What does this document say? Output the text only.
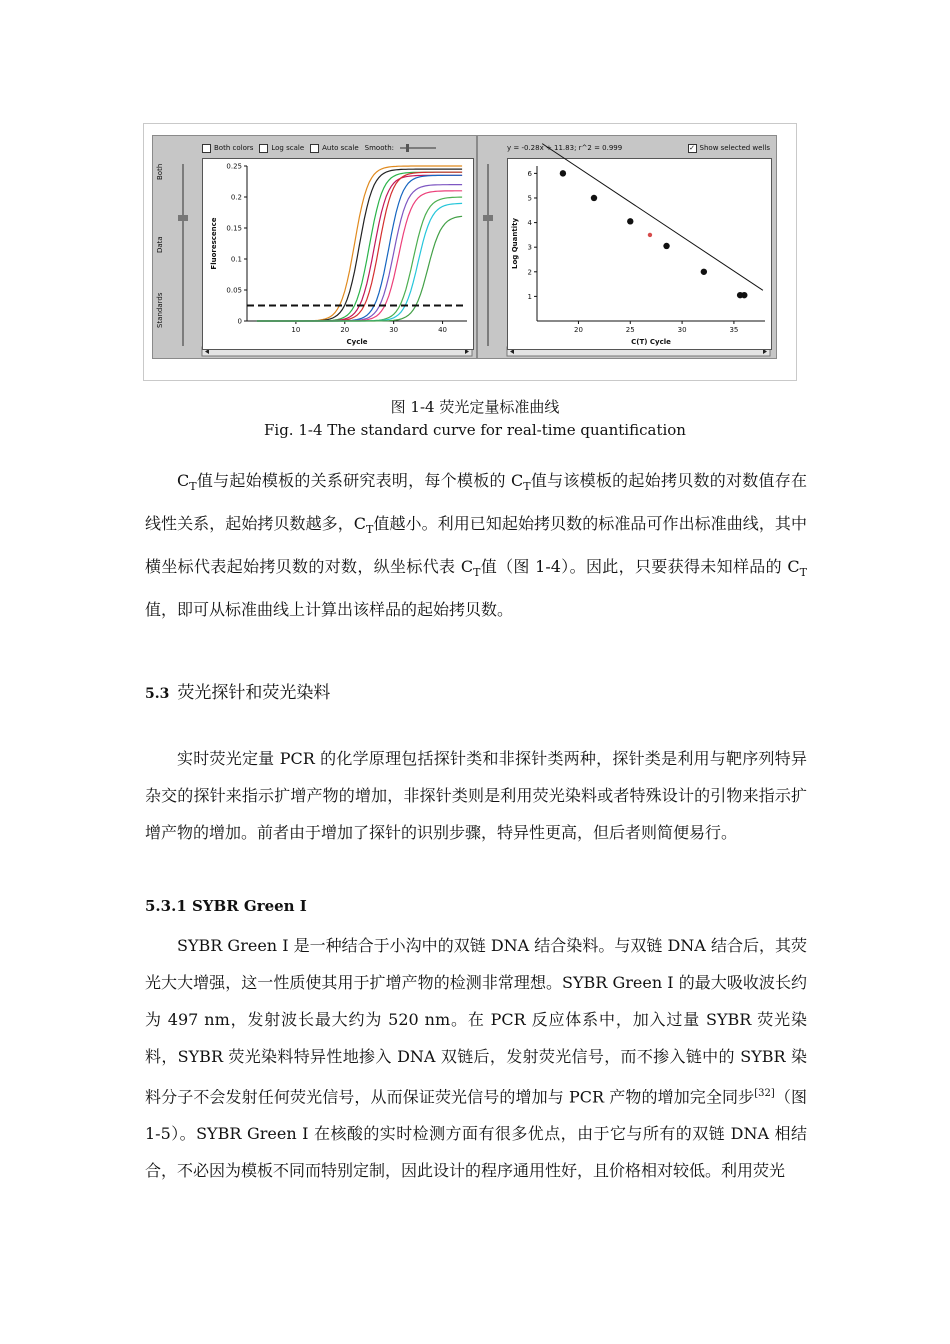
Both colors	Log scale	Auto scale Smooth:	y = -0.28x + 11.83; r^2 = 0.999	✓ Show selected wells
Both
Data
Standards
0.25
0.2
0.15
0.1
0.05
0
10	20	30	40
Fluorescence
Cycle
6
5
4
3
2
1
20	25	30	35
Log Quantity
C(T) Cycle
图 1-4 荧光定量标准曲线
Fig. 1-4 The standard curve for real-time quantification

$C_T$值与起始模板的关系研究表明，每个模板的 $C_T$值与该模板的起始拷贝数的对数值存在线性关系，起始拷贝数越多，$C_T$值越小。利用已知起始拷贝数的标准品可作出标准曲线，其中横坐标代表起始拷贝数的对数，纵坐标代表 $C_T$值（图 1-4）。因此，只要获得未知样品的 $C_T$值，即可从标准曲线上计算出该样品的起始拷贝数。

5.3 荧光探针和荧光染料

实时荧光定量 PCR 的化学原理包括探针类和非探针类两种，探针类是利用与靶序列特异杂交的探针来指示扩增产物的增加，非探针类则是利用荧光染料或者特殊设计的引物来指示扩增产物的增加。前者由于增加了探针的识别步骤，特异性更高，但后者则简便易行。

5.3.1 SYBR Green I

SYBR Green I 是一种结合于小沟中的双链 DNA 结合染料。与双链 DNA 结合后，其荧光大大增强，这一性质使其用于扩增产物的检测非常理想。SYBR Green I 的最大吸收波长约为 497 nm，发射波长最大约为 520 nm。在 PCR 反应体系中，加入过量 SYBR 荧光染料，SYBR 荧光染料特异性地掺入 DNA 双链后，发射荧光信号，而不掺入链中的 SYBR 染料分子不会发射任何荧光信号，从而保证荧光信号的增加与 PCR 产物的增加完全同步[32]（图 1-5）。SYBR Green I 在核酸的实时检测方面有很多优点，由于它与所有的双链 DNA 相结合，不必因为模板不同而特别定制，因此设计的程序通用性好，且价格相对较低。利用荧光
